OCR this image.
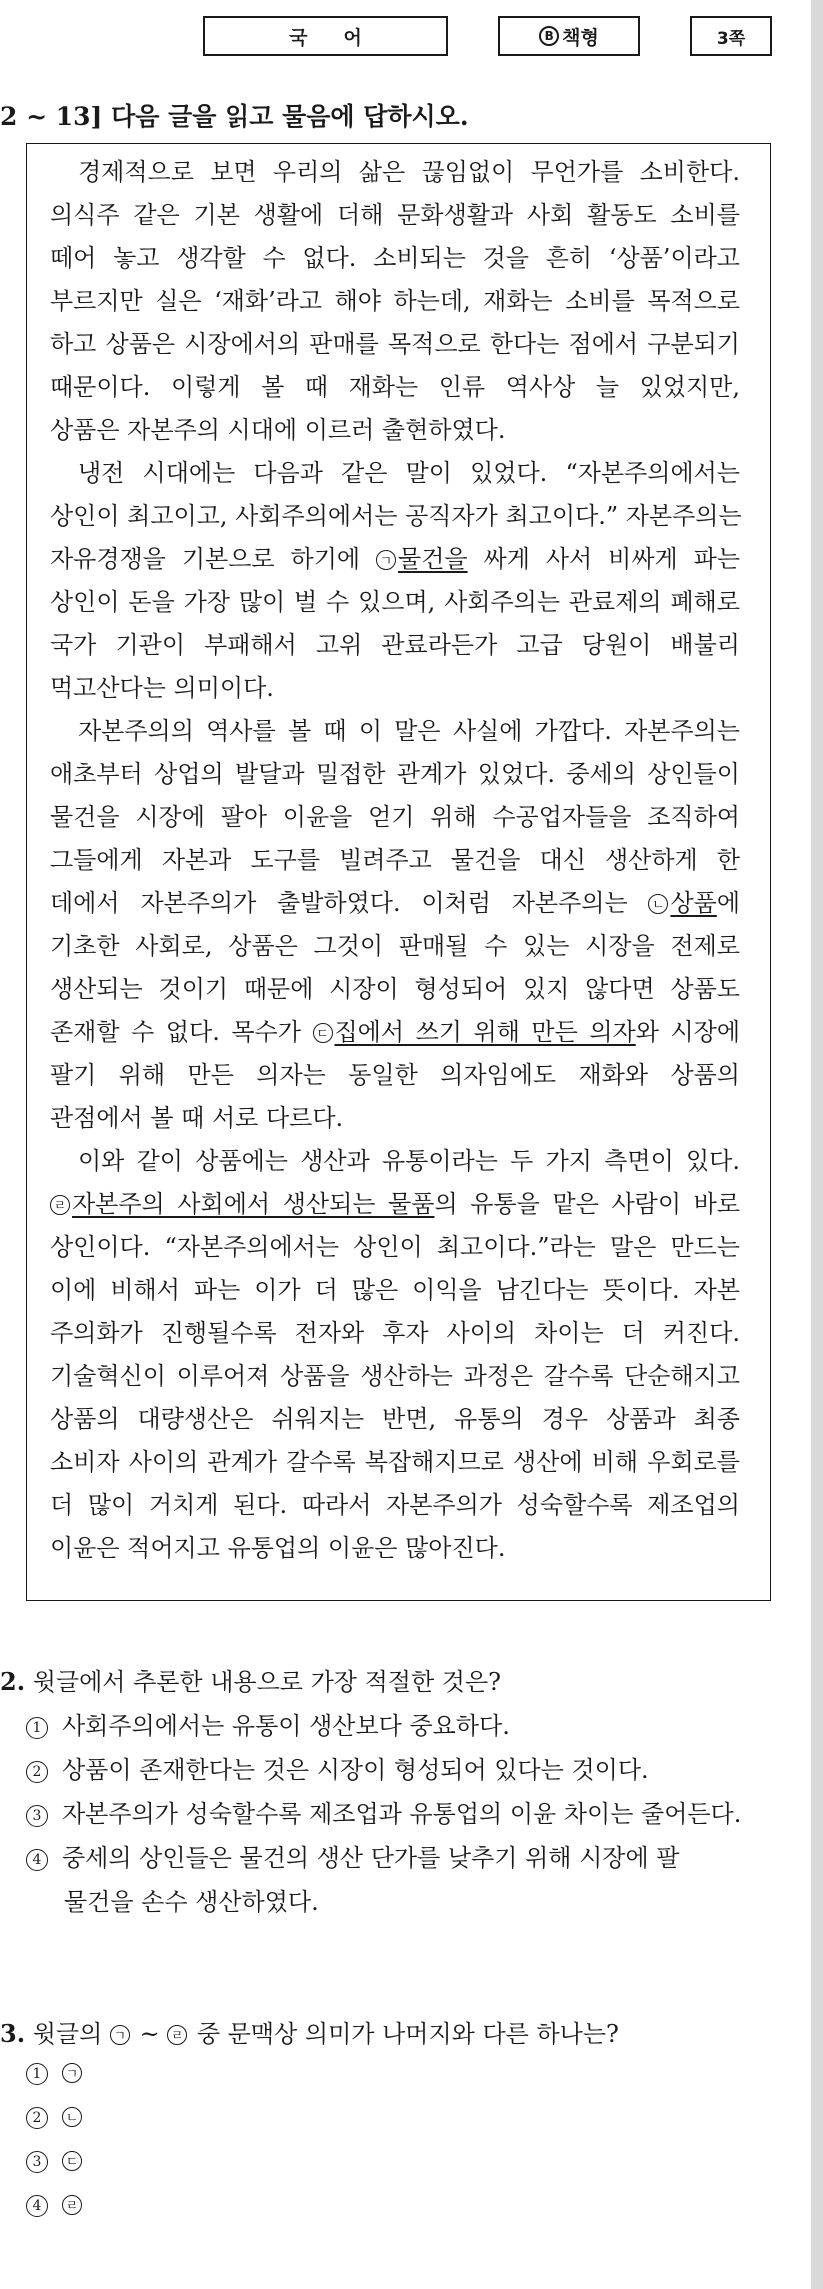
국어	B 책형	3쪽
2 ~ 13] 다음 글을 읽고 물음에 답하시오.
경제적으로 보면 우리의 삶은 끊임없이 무언가를 소비한다.
의식주 같은 기본 생활에 더해 문화생활과 사회 활동도 소비를
떼어 놓고 생각할 수 없다. 소비되는 것을 흔히 ‘상품’이라고
부르지만 실은 ‘재화’라고 해야 하는데, 재화는 소비를 목적으로
하고 상품은 시장에서의 판매를 목적으로 한다는 점에서 구분되기
때문이다. 이렇게 볼 때 재화는 인류 역사상 늘 있었지만,
상품은 자본주의 시대에 이르러 출현하였다.
냉전 시대에는 다음과 같은 말이 있었다. “자본주의에서는
상인이 최고이고, 사회주의에서는 공직자가 최고이다.” 자본주의는
자유경쟁을 기본으로 하기에 ㄱ 물건을 싸게 사서 비싸게 파는
상인이 돈을 가장 많이 벌 수 있으며, 사회주의는 관료제의 폐해로
국가 기관이 부패해서 고위 관료라든가 고급 당원이 배불리
먹고산다는 의미이다.
자본주의의 역사를 볼 때 이 말은 사실에 가깝다. 자본주의는
애초부터 상업의 발달과 밀접한 관계가 있었다. 중세의 상인들이
물건을 시장에 팔아 이윤을 얻기 위해 수공업자들을 조직하여
그들에게 자본과 도구를 빌려주고 물건을 대신 생산하게 한
데에서 자본주의가 출발하였다. 이처럼 자본주의는 ㄴ 상품에
기초한 사회로, 상품은 그것이 판매될 수 있는 시장을 전제로
생산되는 것이기 때문에 시장이 형성되어 있지 않다면 상품도
존재할 수 없다. 목수가 ㄷ 집에서 쓰기 위해 만든 의자와 시장에
팔기 위해 만든 의자는 동일한 의자임에도 재화와 상품의
관점에서 볼 때 서로 다르다.
이와 같이 상품에는 생산과 유통이라는 두 가지 측면이 있다.
ㄹ 자본주의 사회에서 생산되는 물품의 유통을 맡은 사람이 바로
상인이다. “자본주의에서는 상인이 최고이다.”라는 말은 만드는
이에 비해서 파는 이가 더 많은 이익을 남긴다는 뜻이다. 자본
주의화가 진행될수록 전자와 후자 사이의 차이는 더 커진다.
기술혁신이 이루어져 상품을 생산하는 과정은 갈수록 단순해지고
상품의 대량생산은 쉬워지는 반면, 유통의 경우 상품과 최종
소비자 사이의 관계가 갈수록 복잡해지므로 생산에 비해 우회로를
더 많이 거치게 된다. 따라서 자본주의가 성숙할수록 제조업의
이윤은 적어지고 유통업의 이윤은 많아진다.
2. 윗글에서 추론한 내용으로 가장 적절한 것은?
1 사회주의에서는 유통이 생산보다 중요하다.
2 상품이 존재한다는 것은 시장이 형성되어 있다는 것이다.
3 자본주의가 성숙할수록 제조업과 유통업의 이윤 차이는 줄어든다.
4 중세의 상인들은 물건의 생산 단가를 낮추기 위해 시장에 팔
물건을 손수 생산하였다.
3. 윗글의 ㄱ ~ ㄹ 중 문맥상 의미가 나머지와 다른 하나는?
1 ㄱ
2 ㄴ
3 ㄷ
4 ㄹ
